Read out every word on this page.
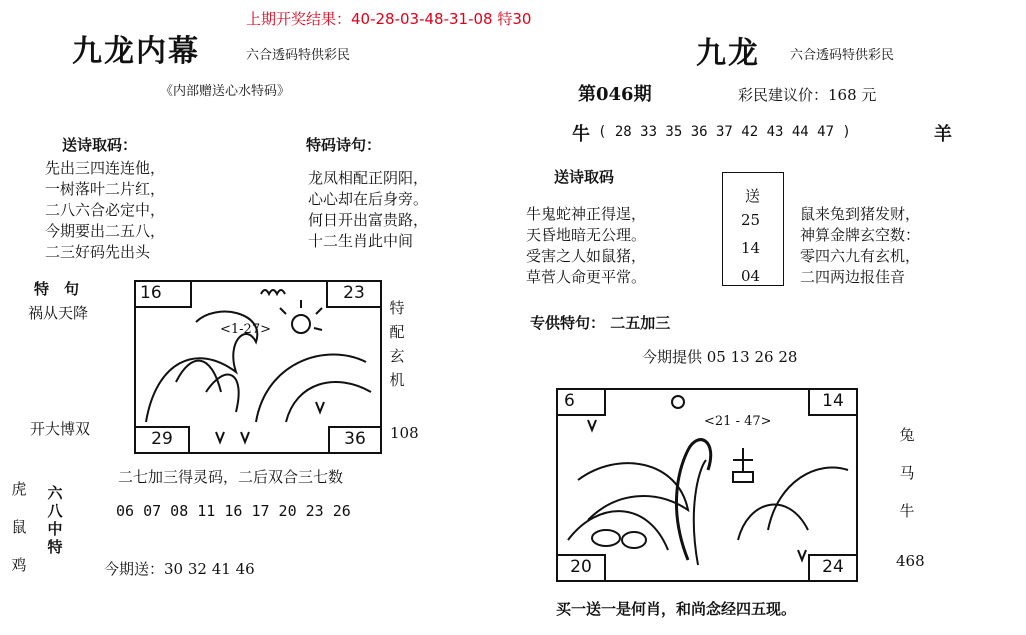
上期开奖结果：40-28-03-48-31-08 特30
九龙内幕	六合透码特供彩民
《内部赠送心水特码》
送诗取码：
先出三四连连他，
一树落叶二片红，
二八六合必定中，
今期要出二五八，
二三好码先出头
特码诗句：
龙凤相配正阴阳，
心心却在后身旁。
何日开出富贵路，
十二生肖此中间
特　句
祸从天降
开大博双
16	23
29	36
<1-27>
特配玄机
108
二七加三得灵码，二后双合三七数
06 07 08 11 16 17 20 23 26
虎鼠鸡
六八中特
今期送：30 32 41 46
九龙 六合透码特供彩民
第046期	彩民建议价：168 元
牛 ( 28 33 35 36 37 42 43 44 47 )	羊
送诗取码
牛鬼蛇神正得逞，
天昏地暗无公理。
受害之人如鼠猪，
草菅人命更平常。
送
25
14
04
鼠来兔到猪发财，
神算金牌玄空数：
零四六九有玄机，
二四两边报佳音
专供特句： 二五加三
今期提供 05 13 26 28
6	14
20	24
<21 - 47>
兔马牛
468
买一送一是何肖，和尚念经四五现。
